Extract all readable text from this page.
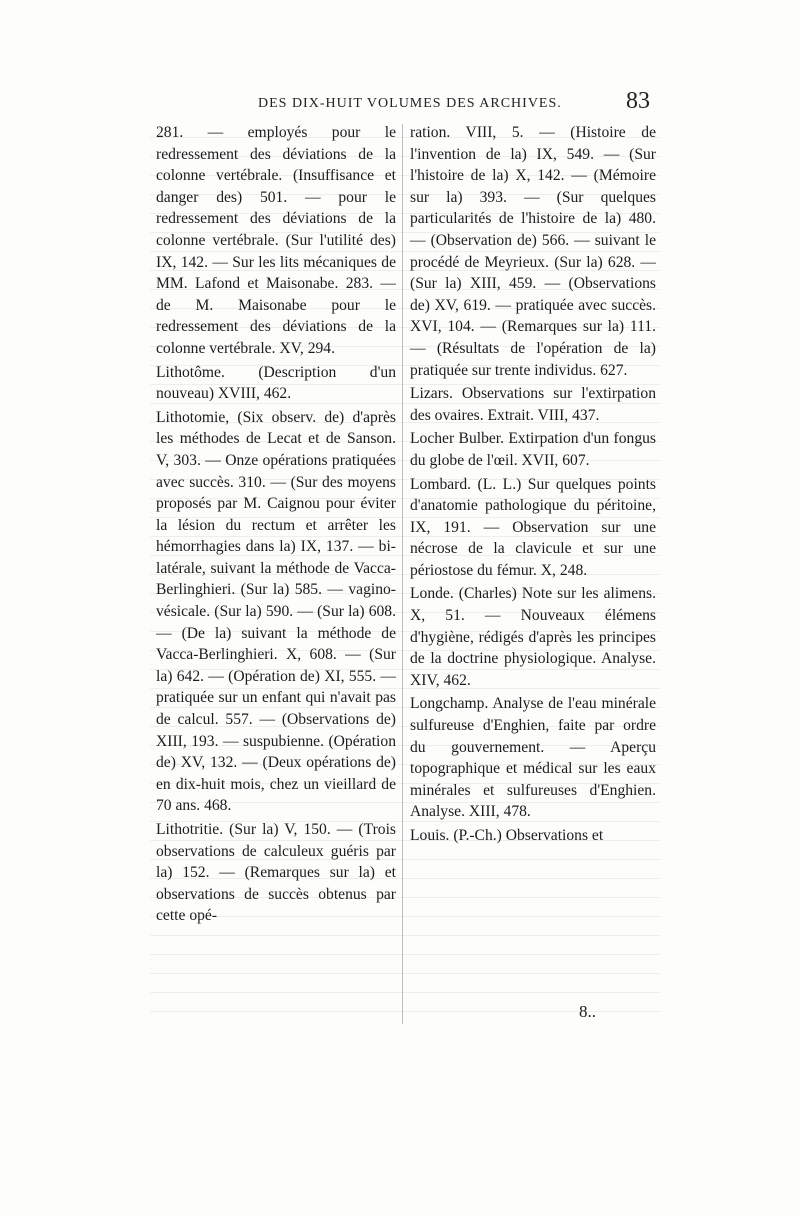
DES DIX-HUIT VOLUMES DES ARCHIVES.	83

281. — employés pour le redressement des déviations de la colonne vertébrale. (Insuffisance et danger des) 501. — pour le redressement des déviations de la colonne vertébrale. (Sur l'utilité des) IX, 142. — Sur les lits mécaniques de MM. Lafond et Maisonabe. 283. — de M. Maisonabe pour le redressement des déviations de la colonne vertébrale. XV, 294.

Lithotôme. (Description d'un nouveau) XVIII, 462.

Lithotomie, (Six observ. de) d'après les méthodes de Lecat et de Sanson. V, 303. — Onze opérations pratiquées avec succès. 310. — (Sur des moyens proposés par M. Caignou pour éviter la lésion du rectum et arrêter les hémorrhagies dans la) IX, 137. — bi-latérale, suivant la méthode de Vacca-Berlinghieri. (Sur la) 585. — vagino-vésicale. (Sur la) 590. — (Sur la) 608. — (De la) suivant la méthode de Vacca-Berlinghieri. X, 608. — (Sur la) 642. — (Opération de) XI, 555. — pratiquée sur un enfant qui n'avait pas de calcul. 557. — (Observations de) XIII, 193. — suspubienne. (Opération de) XV, 132. — (Deux opérations de) en dix-huit mois, chez un vieillard de 70 ans. 468.

Lithotritie. (Sur la) V, 150. — (Trois observations de calculeux guéris par la) 152. — (Remarques sur la) et observations de succès obtenus par cette opé-

ration. VIII, 5. — (Histoire de l'invention de la) IX, 549. — (Sur l'histoire de la) X, 142. — (Mémoire sur la) 393. — (Sur quelques particularités de l'histoire de la) 480. — (Observation de) 566. — suivant le procédé de Meyrieux. (Sur la) 628. — (Sur la) XIII, 459. — (Observations de) XV, 619. — pratiquée avec succès. XVI, 104. — (Remarques sur la) 111. — (Résultats de l'opération de la) pratiquée sur trente individus. 627.

Lizars. Observations sur l'extirpation des ovaires. Extrait. VIII, 437.

Locher Bulber. Extirpation d'un fongus du globe de l'œil. XVII, 607.

Lombard. (L. L.) Sur quelques points d'anatomie pathologique du péritoine, IX, 191. — Observation sur une nécrose de la clavicule et sur une périostose du fémur. X, 248.

Londe. (Charles) Note sur les alimens. X, 51. — Nouveaux élémens d'hygiène, rédigés d'après les principes de la doctrine physiologique. Analyse. XIV, 462.

Longchamp. Analyse de l'eau minérale sulfureuse d'Enghien, faite par ordre du gouvernement. — Aperçu topographique et médical sur les eaux minérales et sulfureuses d'Enghien. Analyse. XIII, 478.

Louis. (P.-Ch.) Observations et

8..
